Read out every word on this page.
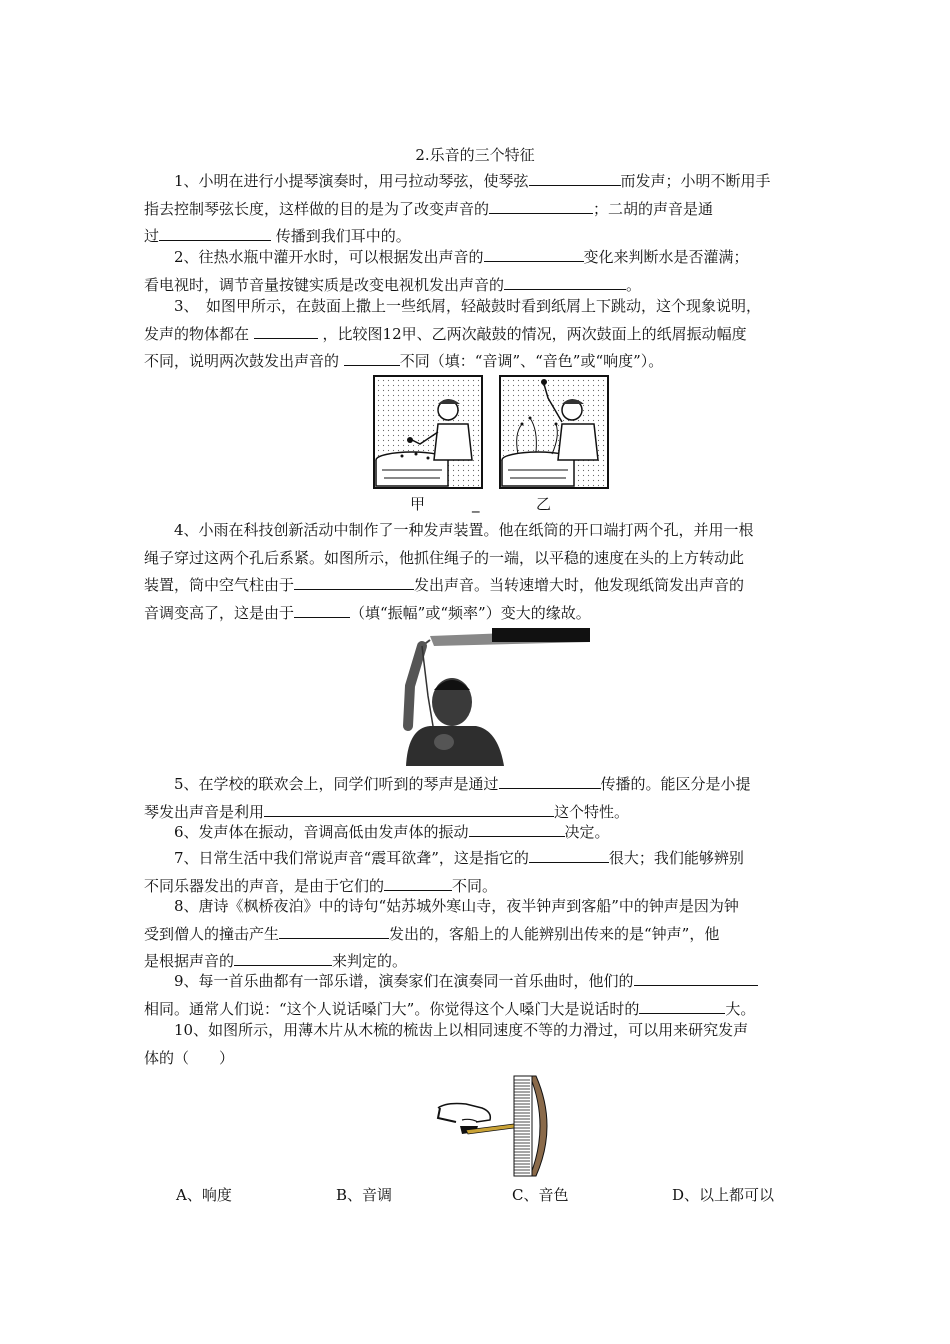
2.乐音的三个特征
1、小明在进行小提琴演奏时，用弓拉动琴弦，使琴弦	而发声；小明不断用手
指去控制琴弦长度，这样做的目的是为了改变声音的	；二胡的声音是通
过	传播到我们耳中的。
2、往热水瓶中灌开水时，可以根据发出声音的	变化来判断水是否灌满；
看电视时，调节音量按键实质是改变电视机发出声音的	。
3、　如图甲所示，在鼓面上撒上一些纸屑，轻敲鼓时看到纸屑上下跳动，这个现象说明，
发声的物体都在	，比较图12甲、乙两次敲鼓的情况，两次鼓面上的纸屑振动幅度
不同，说明两次鼓发出声音的	不同（填：“音调”、“音色”或“响度”）。
甲	_	乙
4、小雨在科技创新活动中制作了一种发声装置。他在纸筒的开口端打两个孔，并用一根
绳子穿过这两个孔后系紧。如图所示，他抓住绳子的一端，以平稳的速度在头的上方转动此
装置，筒中空气柱由于	发出声音。当转速增大时，他发现纸筒发出声音的
音调变高了，这是由于	（填“振幅”或“频率”）变大的缘故。
5、在学校的联欢会上，同学们听到的琴声是通过	传播的。能区分是小提
琴发出声音是利用	这个特性。
6、发声体在振动，音调高低由发声体的振动	决定。
7、日常生活中我们常说声音“震耳欲聋”，这是指它的	很大；我们能够辨别
不同乐器发出的声音，是由于它们的	不同。
8、唐诗《枫桥夜泊》中的诗句“姑苏城外寒山寺，夜半钟声到客船”中的钟声是因为钟
受到僧人的撞击产生	发出的，客船上的人能辨别出传来的是“钟声”，他
是根据声音的	来判定的。
9、每一首乐曲都有一部乐谱，演奏家们在演奏同一首乐曲时，他们的
相同。通常人们说：“这个人说话嗓门大”。你觉得这个人嗓门大是说话时的	大。
10、如图所示，用薄木片从木梳的梳齿上以相同速度不等的力滑过，可以用来研究发声
体的（　　）
A、响度	B、音调	C、音色	D、以上都可以
